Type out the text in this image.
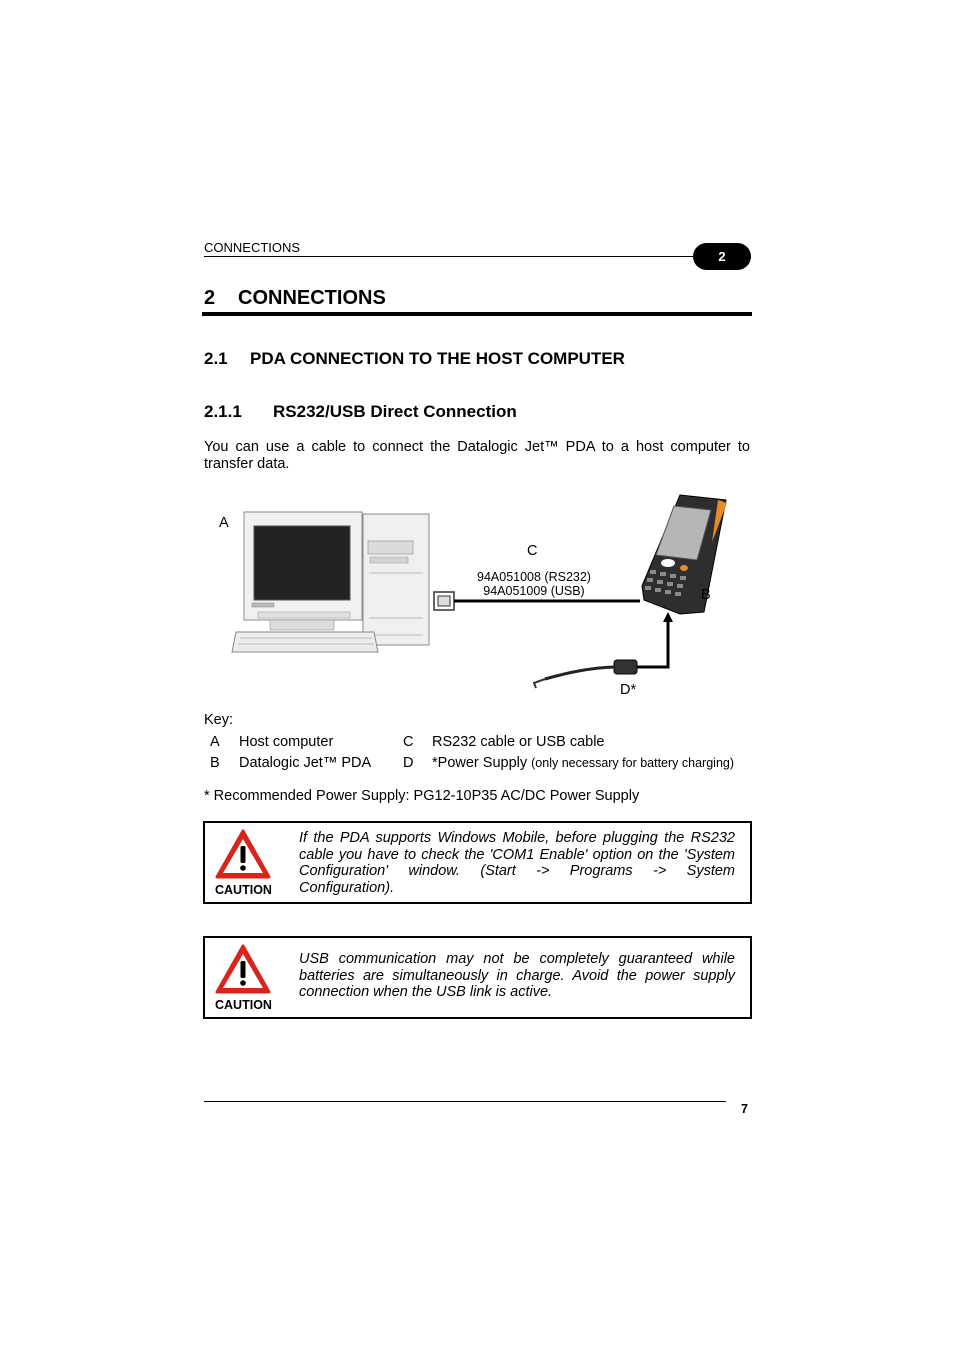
CONNECTIONS
2
2 CONNECTIONS
2.1 PDA CONNECTION TO THE HOST COMPUTER
2.1.1 RS232/USB Direct Connection
You can use a cable to connect the Datalogic Jet™ PDA to a host computer to transfer data.
A
C
94A051008 (RS232)
94A051009 (USB)	B
D*
Key:
A Host computer	C RS232 cable or USB cable
B Datalogic Jet™ PDA D *Power Supply (only necessary for battery charging)
* Recommended Power Supply: PG12-10P35 AC/DC Power Supply
CAUTION
If the PDA supports Windows Mobile, before plugging the RS232 cable you have to check the 'COM1 Enable' option on the 'System Configuration' window. (Start -> Programs -> System Configuration).
CAUTION
USB communication may not be completely guaranteed while batteries are simultaneously in charge. Avoid the power supply connection when the USB link is active.
7
